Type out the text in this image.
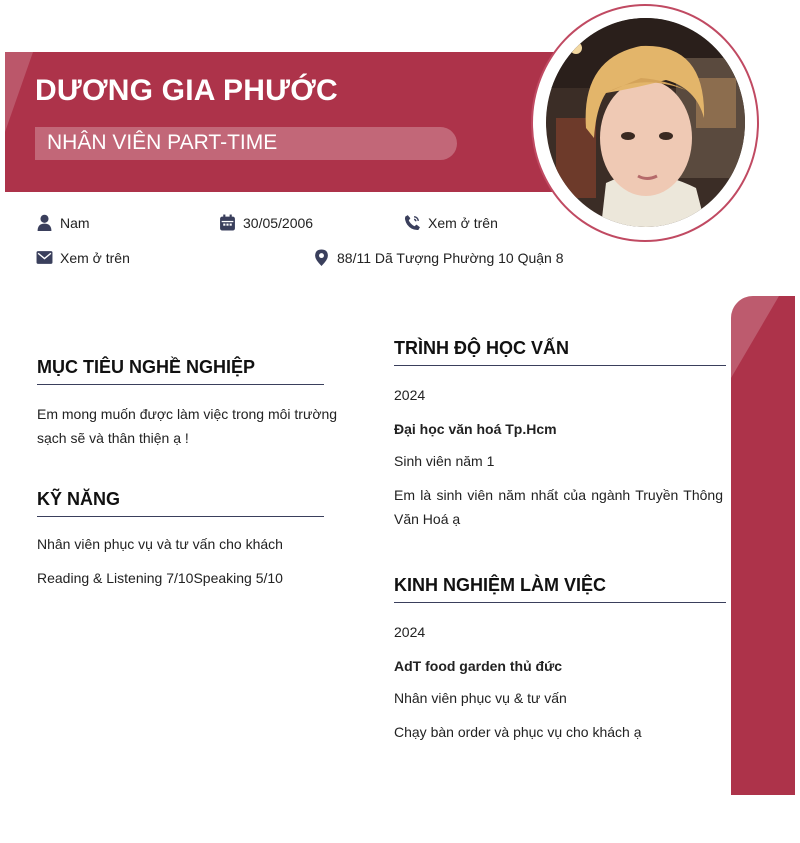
DƯƠNG GIA PHƯỚC
NHÂN VIÊN PART-TIME
Nam	30/05/2006	Xem ở trên
Xem ở trên	88/11 Dã Tượng Phường 10 Quận 8
MỤC TIÊU NGHỀ NGHIỆP
Em mong muốn được làm việc trong môi trường sạch sẽ và thân thiện ạ !
KỸ NĂNG
Nhân viên phục vụ và tư vấn cho khách
Reading & Listening 7/10Speaking 5/10
TRÌNH ĐỘ HỌC VẤN
2024
Đại học văn hoá Tp.Hcm
Sinh viên năm 1
Em là sinh viên năm nhất của ngành Truyền Thông Văn Hoá ạ
KINH NGHIỆM LÀM VIỆC
2024
AdT food garden thủ đức
Nhân viên phục vụ & tư vấn
Chạy bàn order và phục vụ cho khách ạ
